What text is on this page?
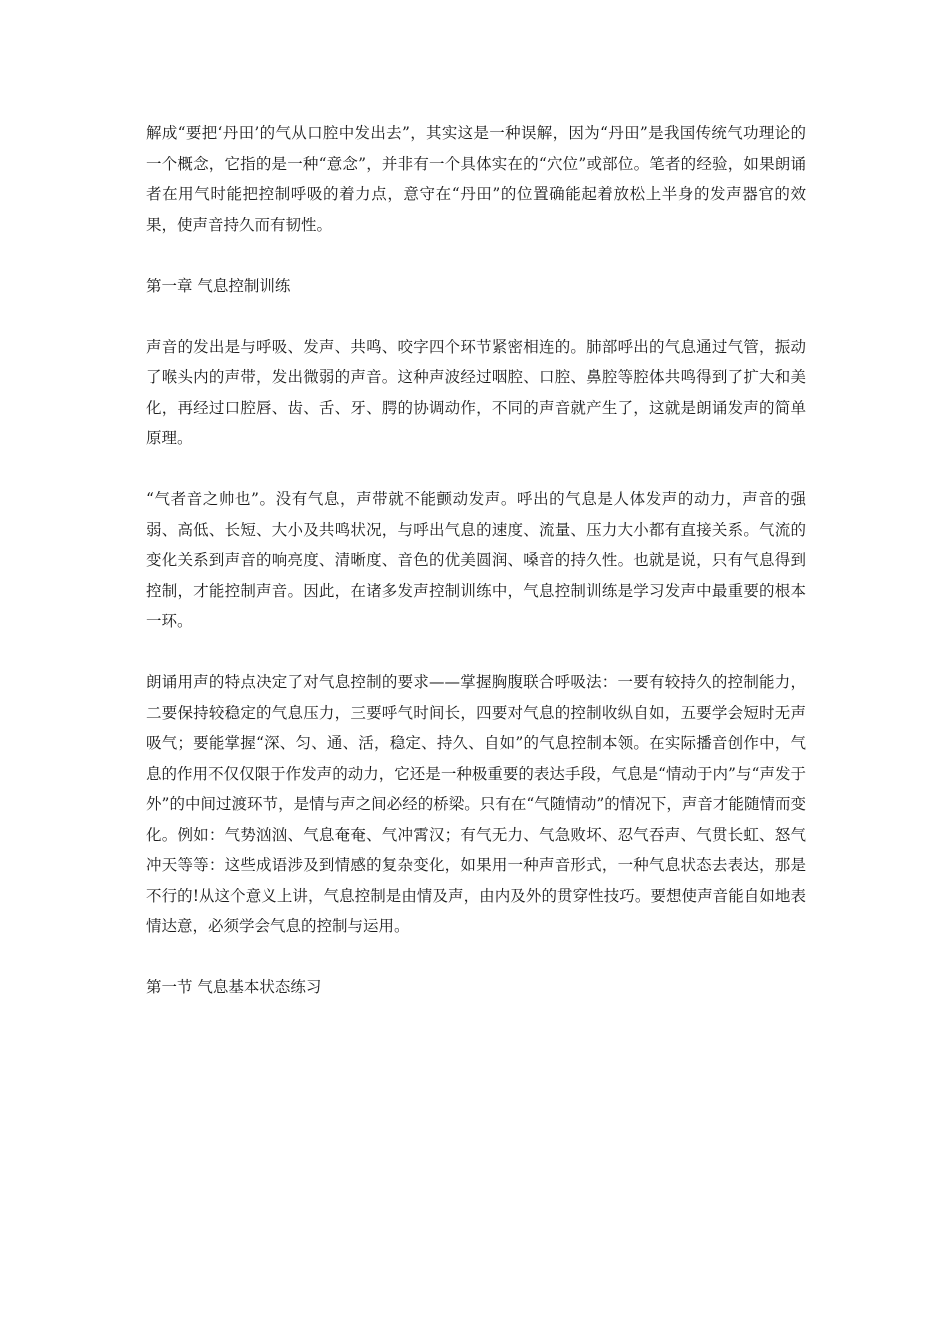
解成“要把‘丹田’的气从口腔中发出去”，其实这是一种误解，因为“丹田”是我国传统气功理论的一个概念，它指的是一种“意念”，并非有一个具体实在的“穴位”或部位。笔者的经验，如果朗诵者在用气时能把控制呼吸的着力点，意守在“丹田”的位置确能起着放松上半身的发声器官的效果，使声音持久而有韧性。

第一章 气息控制训练

声音的发出是与呼吸、发声、共鸣、咬字四个环节紧密相连的。肺部呼出的气息通过气管，振动了喉头内的声带，发出微弱的声音。这种声波经过咽腔、口腔、鼻腔等腔体共鸣得到了扩大和美化，再经过口腔唇、齿、舌、牙、腭的协调动作，不同的声音就产生了，这就是朗诵发声的简单原理。

“气者音之帅也”。没有气息，声带就不能颤动发声。呼出的气息是人体发声的动力，声音的强弱、高低、长短、大小及共鸣状况，与呼出气息的速度、流量、压力大小都有直接关系。气流的变化关系到声音的响亮度、清晰度、音色的优美圆润、嗓音的持久性。也就是说，只有气息得到控制，才能控制声音。因此，在诸多发声控制训练中，气息控制训练是学习发声中最重要的根本一环。

朗诵用声的特点决定了对气息控制的要求——掌握胸腹联合呼吸法：一要有较持久的控制能力，二要保持较稳定的气息压力，三要呼气时间长，四要对气息的控制收纵自如，五要学会短时无声吸气；要能掌握“深、匀、通、活，稳定、持久、自如”的气息控制本领。在实际播音创作中，气息的作用不仅仅限于作发声的动力，它还是一种极重要的表达手段，气息是“情动于内”与“声发于外”的中间过渡环节，是情与声之间必经的桥梁。只有在“气随情动”的情况下，声音才能随情而变化。例如：气势汹汹、气息奄奄、气冲霄汉；有气无力、气急败坏、忍气吞声、气贯长虹、怒气冲天等等：这些成语涉及到情感的复杂变化，如果用一种声音形式，一种气息状态去表达，那是不行的!从这个意义上讲，气息控制是由情及声，由内及外的贯穿性技巧。要想使声音能自如地表情达意，必须学会气息的控制与运用。

第一节 气息基本状态练习
